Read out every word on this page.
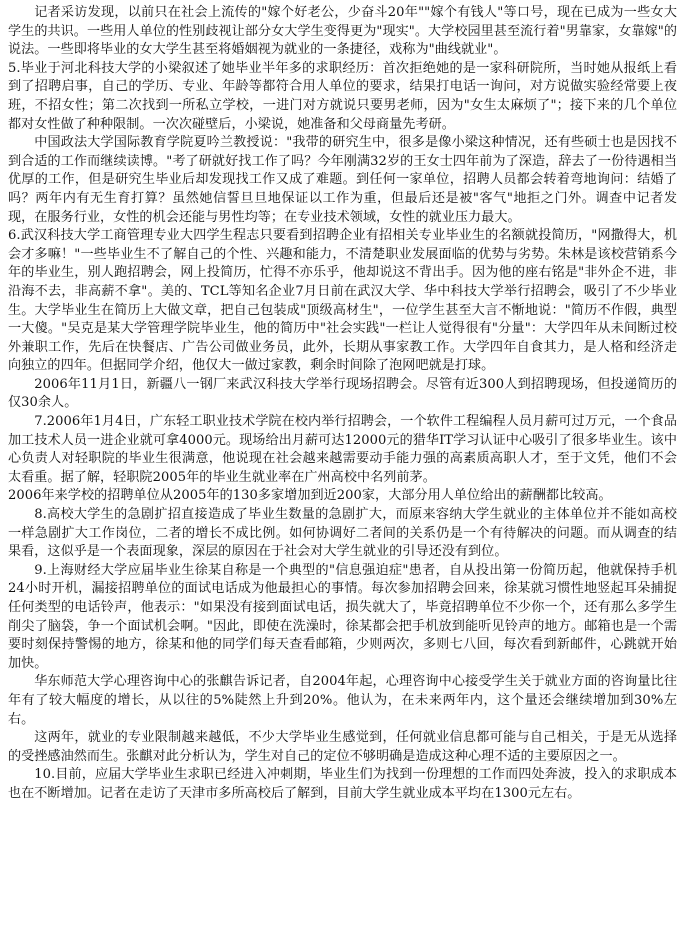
记者采访发现，以前只在社会上流传的"嫁个好老公，少奋斗20年""嫁个有钱人"等口号，现在已成为一些女大学生的共识。一些用人单位的性别歧视让部分女大学生变得更为"现实"。大学校园里甚至流行着"男靠家，女靠嫁"的说法。一些即将毕业的女大学生甚至将婚姻视为就业的一条捷径，戏称为"曲线就业"。

5.毕业于河北科技大学的小梁叙述了她毕业半年多的求职经历：首次拒绝她的是一家科研院所，当时她从报纸上看到了招聘启事，自己的学历、专业、年龄等都符合用人单位的要求，结果打电话一询问，对方说做实验经常要上夜班，不招女性；第二次找到一所私立学校，一进门对方就说只要男老师，因为"女生太麻烦了"；接下来的几个单位都对女性做了种种限制。一次次碰壁后，小梁说，她准备和父母商量先考研。

中国政法大学国际教育学院夏吟兰教授说："我带的研究生中，很多是像小梁这种情况，还有些硕士也是因找不到合适的工作而继续读博。"考了研就好找工作了吗？今年刚满32岁的王女士四年前为了深造，辞去了一份待遇相当优厚的工作，但是研究生毕业后却发现找工作又成了难题。到任何一家单位，招聘人员都会转着弯地询问：结婚了吗？两年内有无生育打算？虽然她信誓旦旦地保证以工作为重，但最后还是被"客气"地拒之门外。调查中记者发现，在服务行业，女性的机会还能与男性均等；在专业技术领域，女性的就业压力最大。

6.武汉科技大学工商管理专业大四学生程志只要看到招聘企业有招相关专业毕业生的名额就投简历，"网撒得大，机会才多嘛！"一些毕业生不了解自己的个性、兴趣和能力，不清楚职业发展面临的优势与劣势。朱林是该校营销系今年的毕业生，别人跑招聘会，网上投简历，忙得不亦乐乎，他却说这不背出手。因为他的座右铭是"非外企不进，非沿海不去，非高薪不拿"。美的、TCL等知名企业7月日前在武汉大学、华中科技大学举行招聘会，吸引了不少毕业生。大学毕业生在简历上大做文章，把自己包装成"顶级高材生"，一位学生甚至大言不惭地说："简历不作假，典型一大傻。"吴克是某大学管理学院毕业生，他的简历中"社会实践"一栏让人觉得很有"分量"：大学四年从未间断过校外兼职工作，先后在快餐店、广告公司做业务员，此外，长期从事家教工作。大学四年自食其力，是人格和经济走向独立的四年。但据同学介绍，他仅大一做过家教，剩余时间除了泡网吧就是打球。

2006年11月1日，新疆八一钢厂来武汉科技大学举行现场招聘会。尽管有近300人到招聘现场，但投递简历的仅30余人。

7.2006年1月4日，广东轻工职业技术学院在校内举行招聘会，一个软件工程编程人员月薪可过万元，一个食品加工技术人员一进企业就可拿4000元。现场给出月薪可达12000元的猎华IT学习认证中心吸引了很多毕业生。该中心负责人对轻职院的毕业生很满意，他说现在社会越来越需要动手能力强的高素质高职人才，至于文凭，他们不会太看重。据了解，轻职院2005年的毕业生就业率在广州高校中名列前茅。

2006年来学校的招聘单位从2005年的130多家增加到近200家，大部分用人单位给出的薪酬都比较高。

8.高校大学生的急剧扩招直接造成了毕业生数量的急剧扩大，而原来容纳大学生就业的主体单位并不能如高校一样急剧扩大工作岗位，二者的增长不成比例。如何协调好二者间的关系仍是一个有待解决的问题。而从调查的结果看，这似乎是一个表面现象，深层的原因在于社会对大学生就业的引导还没有到位。

9.上海财经大学应届毕业生徐某自称是一个典型的"信息强迫症"患者，自从投出第一份简历起，他就保持手机24小时开机，漏接招聘单位的面试电话成为他最担心的事情。每次参加招聘会回来，徐某就习惯性地竖起耳朵捕捉任何类型的电话铃声，他表示："如果没有接到面试电话，损失就大了，毕竟招聘单位不少你一个，还有那么多学生削尖了脑袋，争一个面试机会啊。"因此，即使在洗澡时，徐某都会把手机放到能听见铃声的地方。邮箱也是一个需要时刻保持警惕的地方，徐某和他的同学们每天查看邮箱，少则两次，多则七八回，每次看到新邮件，心跳就开始加快。

华东师范大学心理咨询中心的张麒告诉记者，自2004年起，心理咨询中心接受学生关于就业方面的咨询量比往年有了较大幅度的增长，从以往的5%陡然上升到20%。他认为，在未来两年内，这个量还会继续增加到30%左右。

这两年，就业的专业限制越来越低，不少大学毕业生感觉到，任何就业信息都可能与自己相关，于是无从选择的受挫感油然而生。张麒对此分析认为，学生对自己的定位不够明确是造成这种心理不适的主要原因之一。

10.目前，应届大学毕业生求职已经进入冲刺期，毕业生们为找到一份理想的工作而四处奔波，投入的求职成本也在不断增加。记者在走访了天津市多所高校后了解到，目前大学生就业成本平均在1300元左右。
